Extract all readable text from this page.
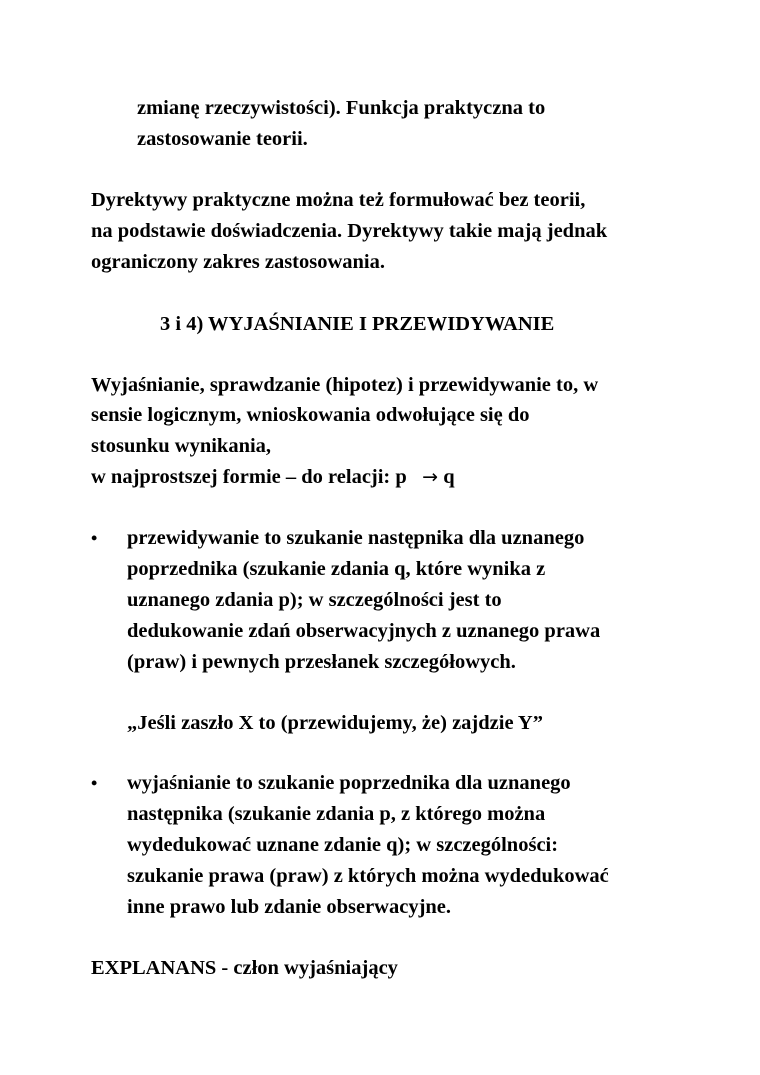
zmianę rzeczywistości). Funkcja praktyczna to
zastosowanie teorii.
Dyrektywy praktyczne można też formułować bez teorii,
na podstawie doświadczenia. Dyrektywy takie mają jednak
ograniczony zakres zastosowania.
3 i 4) WYJAŚNIANIE I PRZEWIDYWANIE
Wyjaśnianie, sprawdzanie (hipotez) i przewidywanie to, w
sensie logicznym, wnioskowania odwołujące się do
stosunku wynikania,
w najprostszej formie – do relacji: p → q
• przewidywanie to szukanie następnika dla uznanego
poprzednika (szukanie zdania q, które wynika z
uznanego zdania p); w szczególności jest to
dedukowanie zdań obserwacyjnych z uznanego prawa
(praw) i pewnych przesłanek szczegółowych.
„Jeśli zaszło X to (przewidujemy, że) zajdzie Y”
• wyjaśnianie to szukanie poprzednika dla uznanego
następnika (szukanie zdania p, z którego można
wydedukować uznane zdanie q); w szczególności:
szukanie prawa (praw) z których można wydedukować
inne prawo lub zdanie obserwacyjne.
EXPLANANS - człon wyjaśniający
